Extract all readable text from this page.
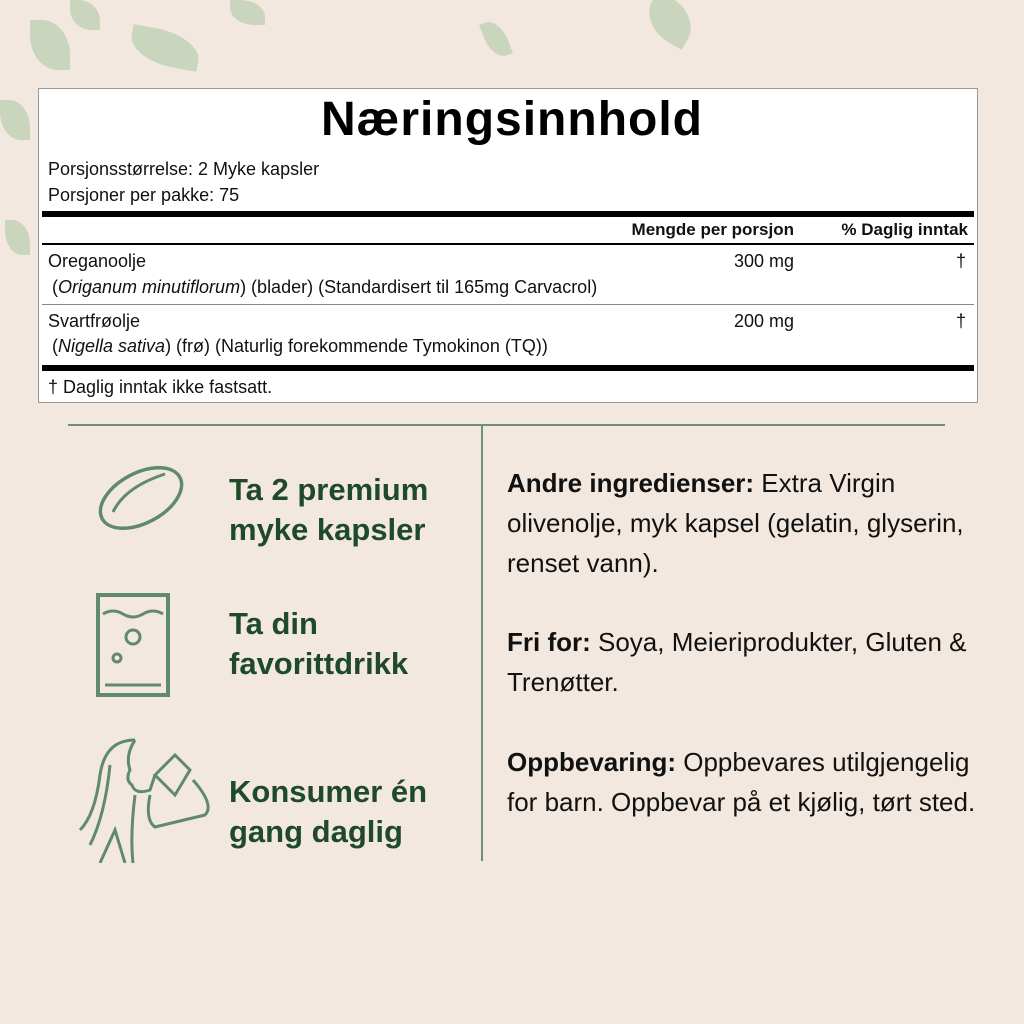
Næringsinnhold
Porsjonsstørrelse: 2 Myke kapsler
Porsjoner per pakke: 75
Mengde per porsjon	% Daglig inntak
Oreganoolje	300 mg	†
(Origanum minutiflorum) (blader) (Standardisert til 165mg Carvacrol)
Svartfrøolje	200 mg	†
(Nigella sativa) (frø) (Naturlig forekommende Tymokinon (TQ))
† Daglig inntak ikke fastsatt.
Ta 2 premium
myke kapsler
Ta din
favorittdrikk
Konsumer én
gang daglig
Andre ingredienser: Extra Virgin olivenolje, myk kapsel (gelatin, glyserin, renset vann).
Fri for: Soya, Meieriprodukter, Gluten & Trenøtter.
Oppbevaring: Oppbevares utilgjengelig for barn. Oppbevar på et kjølig, tørt sted.
